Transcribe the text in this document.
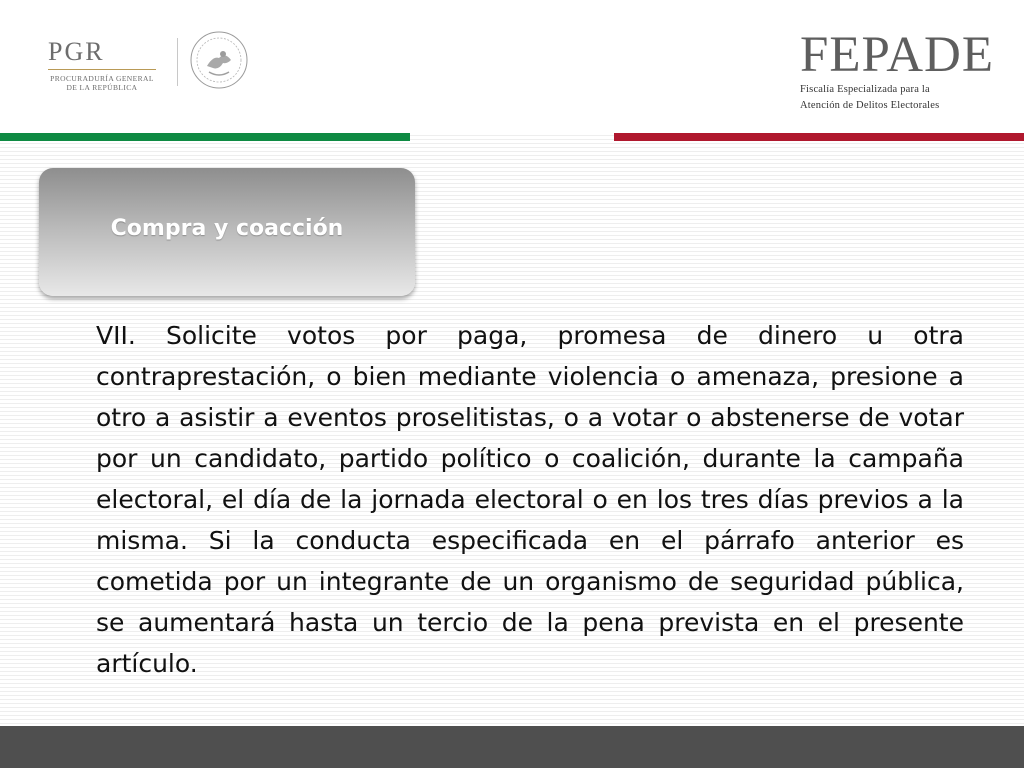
PGR
PROCURADURÍA GENERAL
DE LA REPÚBLICA
FEPADE
Fiscalía Especializada para la
Atención de Delitos Electorales
Compra y coacción

VII. Solicite votos por paga, promesa de dinero u otra contraprestación, o bien mediante violencia o amenaza, presione a otro a asistir a eventos proselitistas, o a votar o abstenerse de votar por un candidato, partido político o coalición, durante la campaña electoral, el día de la jornada electoral o en los tres días previos a la misma. Si la conducta especificada en el párrafo anterior es cometida por un integrante de un organismo de seguridad pública, se aumentará hasta un tercio de la pena prevista en el presente artículo.
